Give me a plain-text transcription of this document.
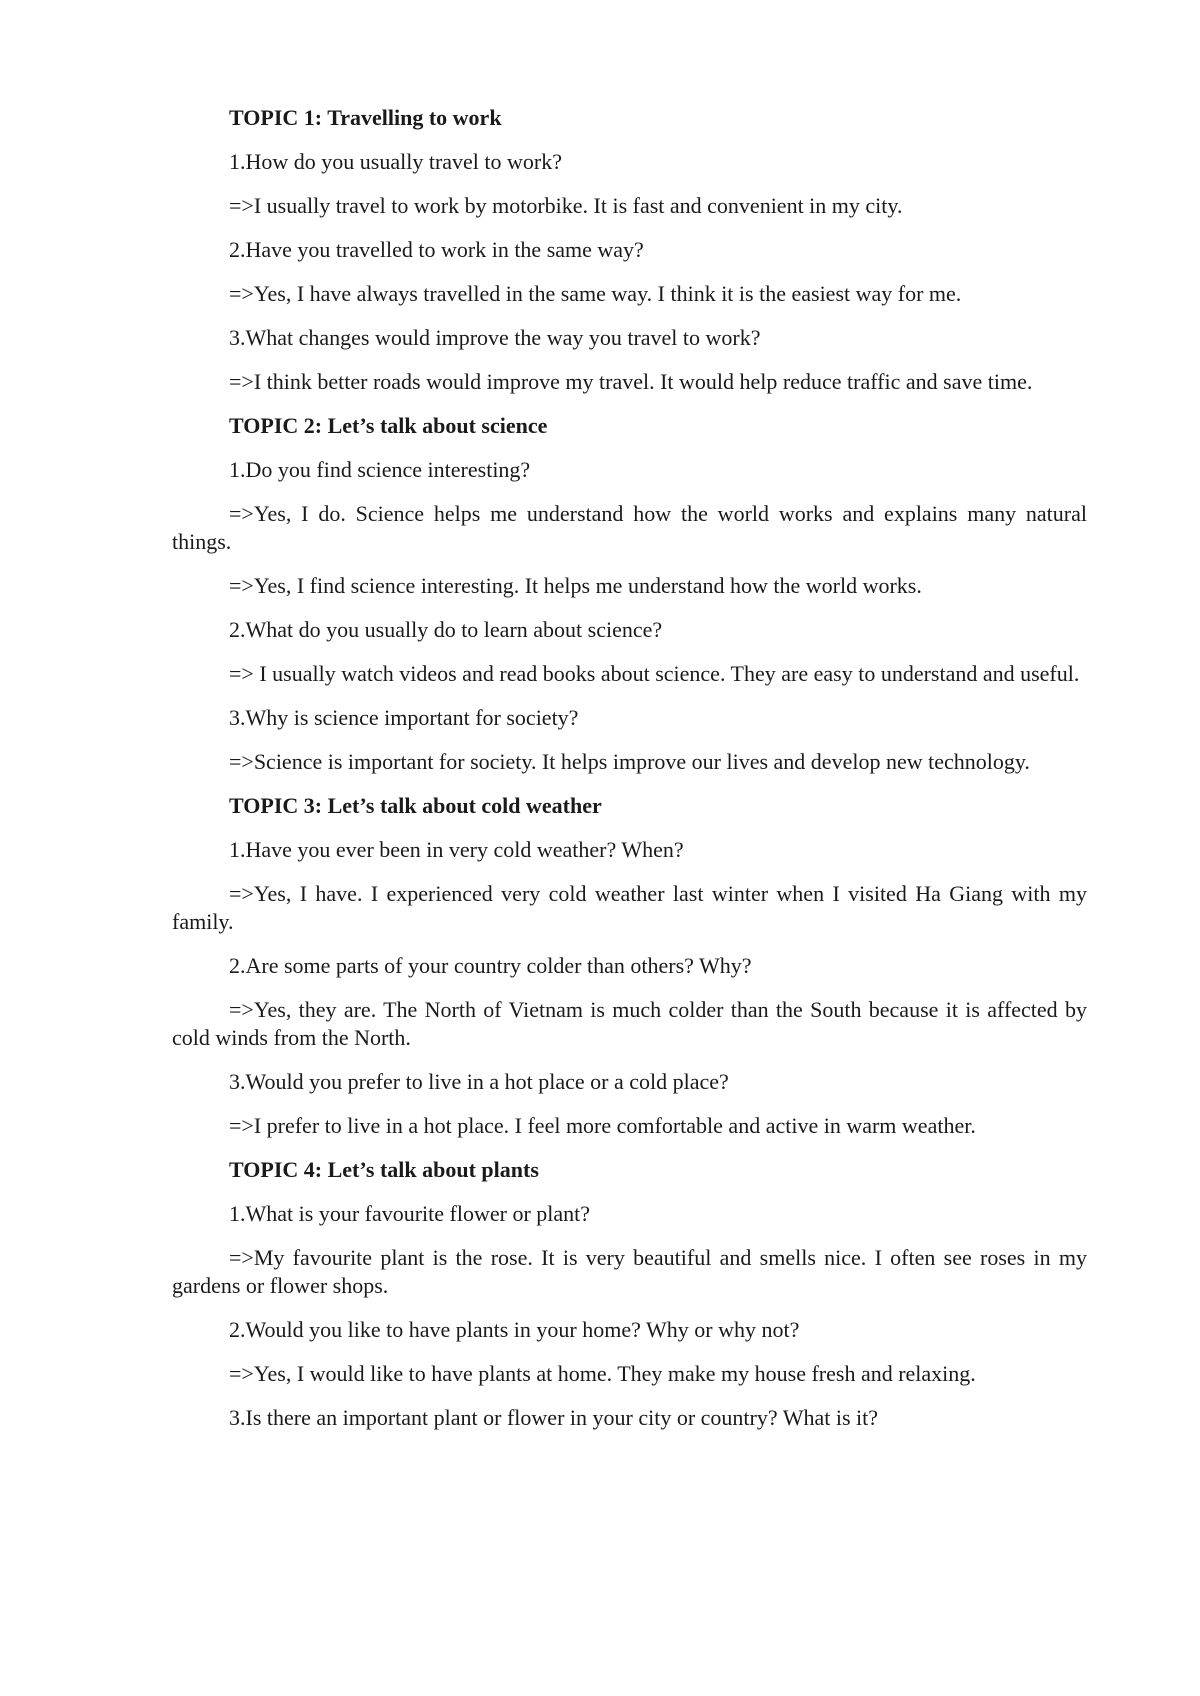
TOPIC 1: Travelling to work

1.How do you usually travel to work?

=>I usually travel to work by motorbike. It is fast and convenient in my city.

2.Have you travelled to work in the same way?

=>Yes, I have always travelled in the same way. I think it is the easiest way for me.

3.What changes would improve the way you travel to work?

=>I think better roads would improve my travel. It would help reduce traffic and save time.

TOPIC 2: Let’s talk about science

1.Do you find science interesting?

=>Yes, I do. Science helps me understand how the world works and explains many natural things.

=>Yes, I find science interesting. It helps me understand how the world works.

2.What do you usually do to learn about science?

=> I usually watch videos and read books about science. They are easy to understand and useful.

3.Why is science important for society?

=>Science is important for society. It helps improve our lives and develop new technology.

TOPIC 3: Let’s talk about cold weather

1.Have you ever been in very cold weather? When?

=>Yes, I have. I experienced very cold weather last winter when I visited Ha Giang with my family.

2.Are some parts of your country colder than others? Why?

=>Yes, they are. The North of Vietnam is much colder than the South because it is affected by cold winds from the North.

3.Would you prefer to live in a hot place or a cold place?

=>I prefer to live in a hot place. I feel more comfortable and active in warm weather.

TOPIC 4: Let’s talk about plants

1.What is your favourite flower or plant?

=>My favourite plant is the rose. It is very beautiful and smells nice. I often see roses in my gardens or flower shops.

2.Would you like to have plants in your home? Why or why not?

=>Yes, I would like to have plants at home. They make my house fresh and relaxing.

3.Is there an important plant or flower in your city or country? What is it?
